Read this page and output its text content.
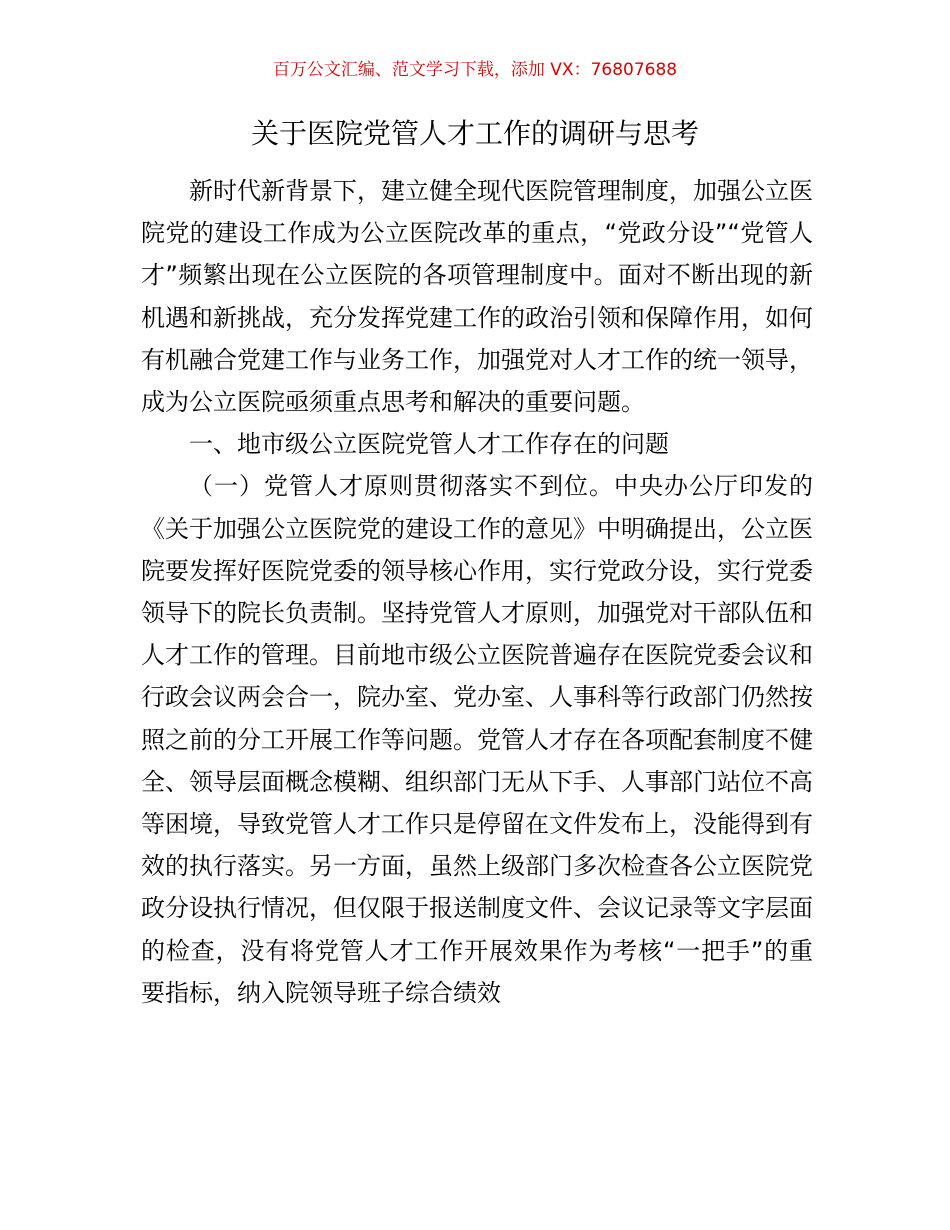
百万公文汇编、范文学习下载，添加 VX：76807688
关于医院党管人才工作的调研与思考

新时代新背景下，建立健全现代医院管理制度，加强公立医院党的建设工作成为公立医院改革的重点，“党政分设”“党管人才”频繁出现在公立医院的各项管理制度中。面对不断出现的新机遇和新挑战，充分发挥党建工作的政治引领和保障作用，如何有机融合党建工作与业务工作，加强党对人才工作的统一领导，成为公立医院亟须重点思考和解决的重要问题。

一、地市级公立医院党管人才工作存在的问题

（一）党管人才原则贯彻落实不到位。中央办公厅印发的《关于加强公立医院党的建设工作的意见》中明确提出，公立医院要发挥好医院党委的领导核心作用，实行党政分设，实行党委领导下的院长负责制。坚持党管人才原则，加强党对干部队伍和人才工作的管理。目前地市级公立医院普遍存在医院党委会议和行政会议两会合一，院办室、党办室、人事科等行政部门仍然按照之前的分工开展工作等问题。党管人才存在各项配套制度不健全、领导层面概念模糊、组织部门无从下手、人事部门站位不高等困境，导致党管人才工作只是停留在文件发布上，没能得到有效的执行落实。另一方面，虽然上级部门多次检查各公立医院党政分设执行情况，但仅限于报送制度文件、会议记录等文字层面的检查，没有将党管人才工作开展效果作为考核“一把手”的重要指标，纳入院领导班子综合绩效
